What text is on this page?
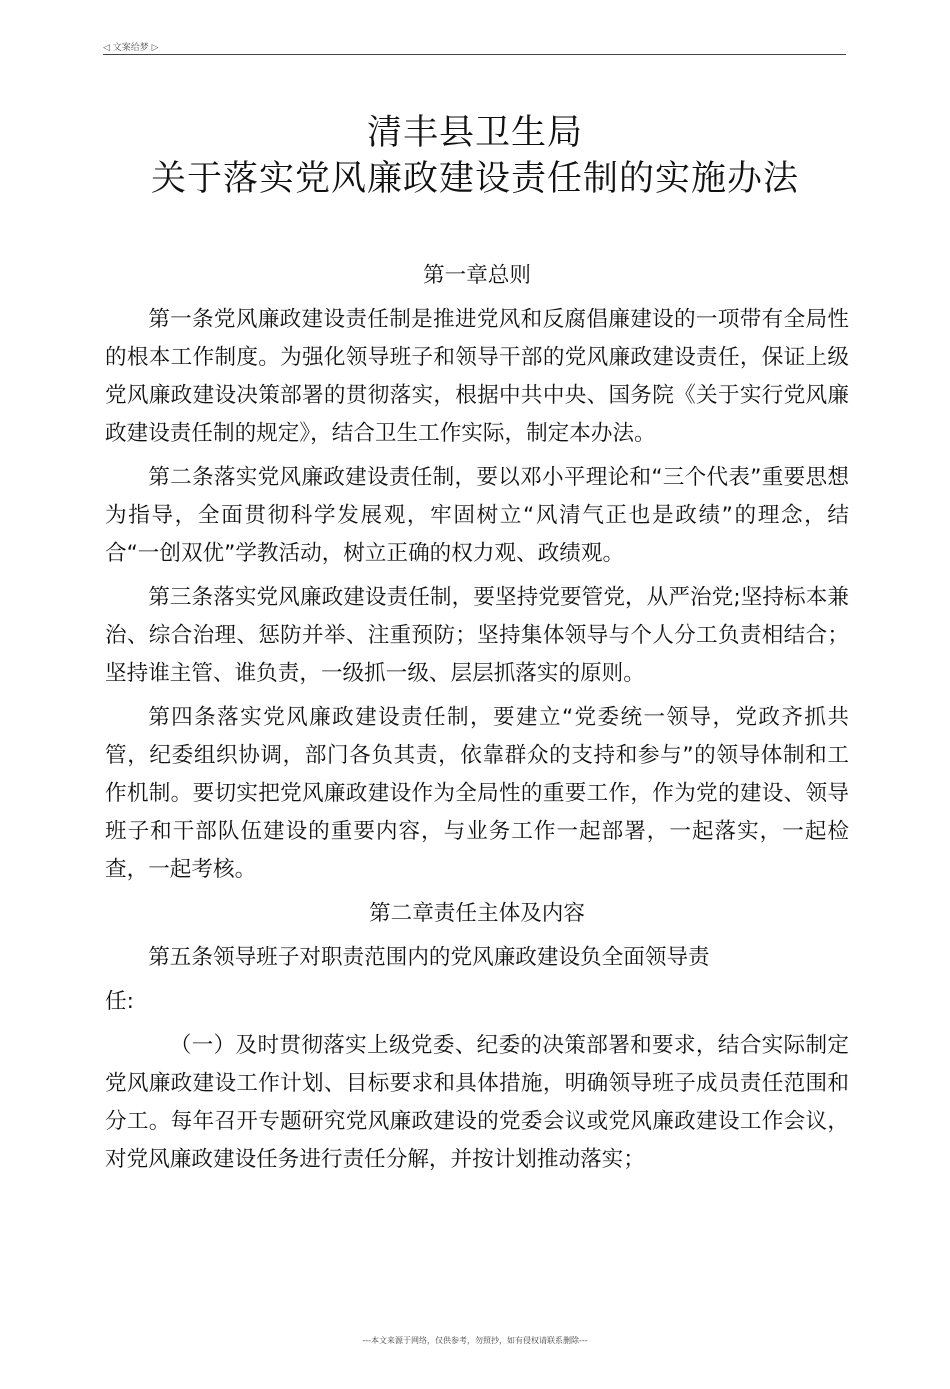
◁ 文案给梦 ▷
清丰县卫生局
关于落实党风廉政建设责任制的实施办法
第一章总则

第一条党风廉政建设责任制是推进党风和反腐倡廉建设的一项带有全局性的根本工作制度。为强化领导班子和领导干部的党风廉政建设责任，保证上级党风廉政建设决策部署的贯彻落实，根据中共中央、国务院《关于实行党风廉政建设责任制的规定》，结合卫生工作实际，制定本办法。

第二条落实党风廉政建设责任制，要以邓小平理论和“三个代表”重要思想为指导，全面贯彻科学发展观，牢固树立“风清气正也是政绩”的理念，结合“一创双优”学教活动，树立正确的权力观、政绩观。

第三条落实党风廉政建设责任制，要坚持党要管党，从严治党;坚持标本兼治、综合治理、惩防并举、注重预防；坚持集体领导与个人分工负责相结合；坚持谁主管、谁负责，一级抓一级、层层抓落实的原则。

第四条落实党风廉政建设责任制，要建立“党委统一领导，党政齐抓共管，纪委组织协调，部门各负其责，依靠群众的支持和参与”的领导体制和工作机制。要切实把党风廉政建设作为全局性的重要工作，作为党的建设、领导班子和干部队伍建设的重要内容，与业务工作一起部署，一起落实，一起检查，一起考核。

第二章责任主体及内容

第五条领导班子对职责范围内的党风廉政建设负全面领导责

任:

（一）及时贯彻落实上级党委、纪委的决策部署和要求，结合实际制定党风廉政建设工作计划、目标要求和具体措施，明确领导班子成员责任范围和分工。每年召开专题研究党风廉政建设的党委会议或党风廉政建设工作会议，对党风廉政建设任务进行责任分解，并按计划推动落实；

---本文来源于网络，仅供参考，勿照抄，如有侵权请联系删除---
